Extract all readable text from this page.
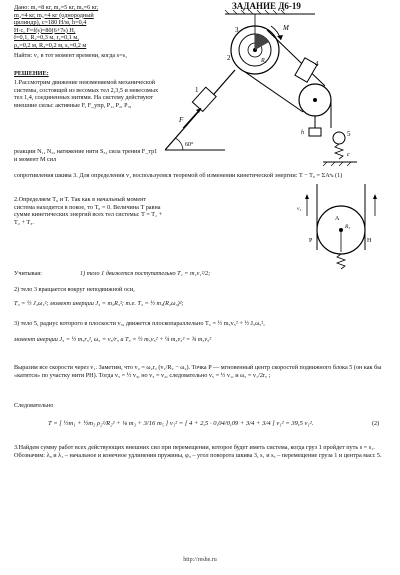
ЗАДАНИЕ Д6-19
Дано: m₁=8 кг, m₂=5 кг, m₃=6 кг,
m₄=4 кг, m₅=4 кг (однородный
цилиндр), c=180 Н/м, h=0,4
Н·с, F=f(s)=80(6+7s) Н,
f=0,1, R₂=0,3 м, r₂=0,1 м,
ρ₂=0,2 м, R₃=0,2 м, s₁=0,2 м
Найти: v₁ в тот момент времени, когда s=s₁
РЕШЕНИЕ:
1.Рассмотрим движение неизменяемой механической системы, состоящей из весомых тел 2,3,5 и невесомых тел 1,4, соединенных нитями. На систему действуют внешние силы: активные F, F_упр, P₁, P₂, P₃,
реакции N₁, N₂, натяжение нити S₃, сила трения F_тр1 и момент M сил
сопротивления шкива 3. Для определения v₁ воспользуемся теоремой об изменении кинетической энергии: T − T₀ = ΣAᵉₖ (1)
2.Определяем T₀ и T. Так как в начальный момент система находится в покое, то T₀ = 0. Величина T равна сумме кинетических энергий всех тел системы: T = T₁ + T₂ + T₃.
Учитывая:	1) тело 1 движется поступательно T₁ = m₁v₁²/2;
2) тело 3 вращается вокруг неподвижной оси,
T₃ = ½ J₃ω₃²; момент инерции J₃ = m₃R₃²; т.е. T₃ = ½ m₃(R₃ω₃)²;
3) тело 5, радиус которого в плоскости v₅, движется плоскопараллельно T₅ = ½ m₅v₅² + ½ J₅ω₅²,
момент инерции J₅ = ½ m₅r₅², ω₅ = v₅/r₅ и T₅ = ½ m₅v₅² + ¼ m₅v₅² = ¾ m₅v₅²
Выразим все скорости через v₁. Заметим, что v₂ = ω₂r₂ (v₁/R₂ − ω₂). Точка P — мгновенный центр скоростей подвижного блока 5 (он как бы «катится» по участку нити PH). Тогда v₅ = ½ v₃, но v₃ = v₂, следовательно v₅ = ½ v₁, и ω₅ = v₁/2r₅ ;
Следовательно
T = [ ½m₁ + ½m₂ ρ₂²/R₂² + ⅛ m₃ + 3/16 m₅ ] v₁² = [ 4 + 2,5 · 0,04/0,09 + 3/4 + 3/4 ] v₁² = 39,5 v₁².	(2)
3.Найдем сумму работ всех действующих внешних сил при перемещении, которое будет иметь система, когда груз 1 пройдет путь s = s₁. Обозначим: λ₀ и λ₁ – начальное и конечное удлинения пружины, φ₃ – угол поворота шкива 3, s₁ и s₅ – перемещение груза 1 и центра масс 5.
http://reshe.ru
M
3
2	R₂
1
F
60°
5
4
h
c
P	H
A
R₃
v₁
